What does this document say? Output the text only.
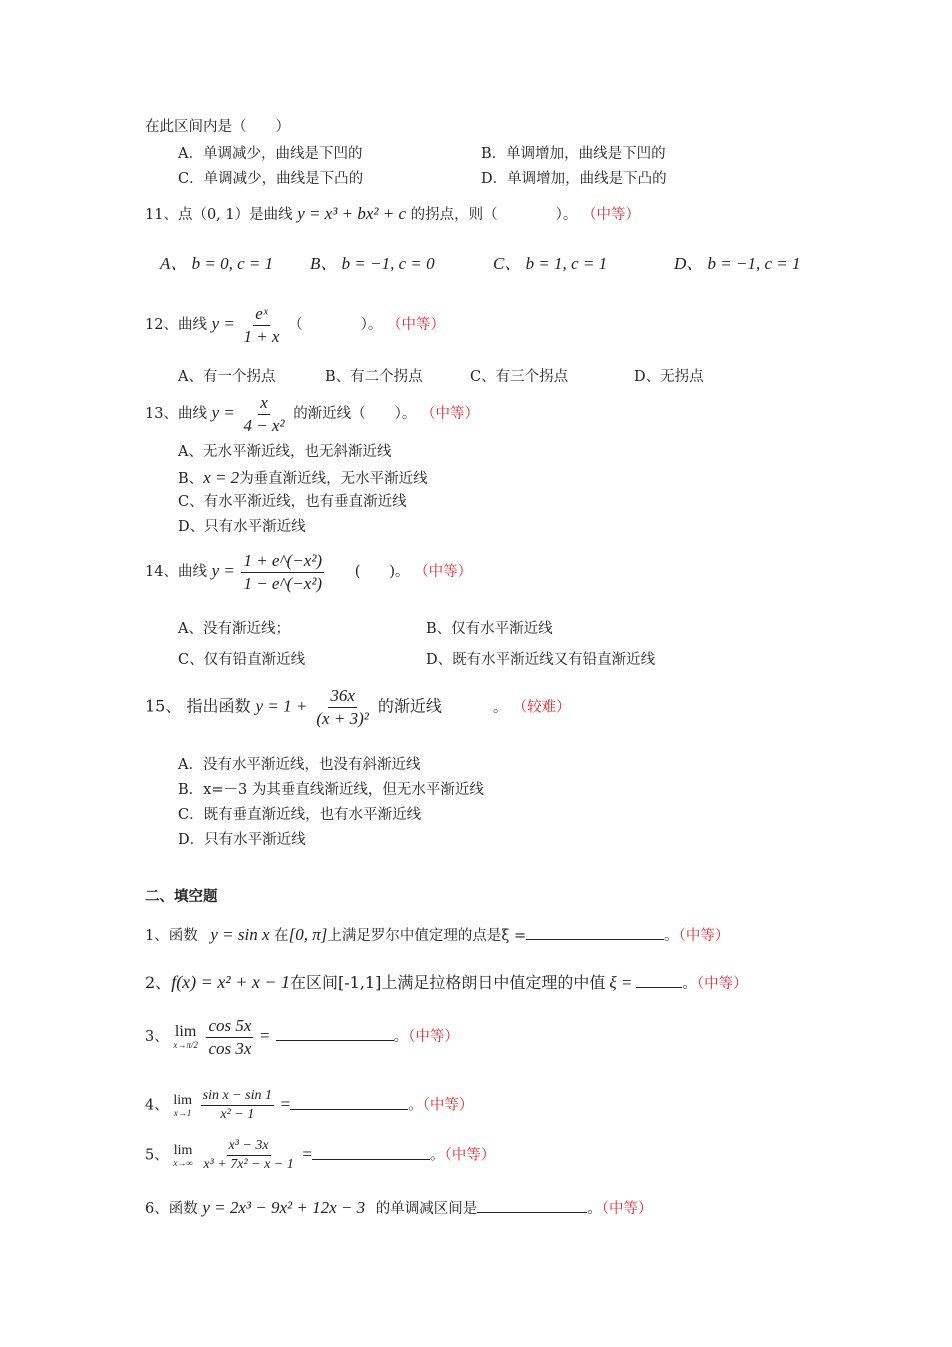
在此区间内是（　　）
A．单调减少，曲线是下凹的	B．单调增加，曲线是下凹的
C．单调减少，曲线是下凸的	D．单调增加，曲线是下凸的
11、点（0, 1）是曲线 y = x³ + bx² + c 的拐点，则（　　　　）。 （中等）
A、 b = 0, c = 1 B、 b = −1, c = 0	C、 b = 1, c = 1	D、 b = −1, c = 1
12、曲线 $y = \frac{\text{eˣ}}{1 + x}$ （　　　　）。 （中等）
A、有一个拐点	B、有二个拐点	C、有三个拐点	D、无拐点
13、曲线 $y = \frac{x}{\text{4 − x²}}$ 的渐近线（　　）。 （中等）
A、无水平渐近线，也无斜渐近线
B、x = 2为垂直渐近线，无水平渐近线
C、有水平渐近线，也有垂直渐近线
D、只有水平渐近线
14、曲线 $y = \frac{\text{1 + e\textasciicircum{}(−x²)}}{\text{1 − e\textasciicircum{}(−x²)}}$ (　　)。 （中等）
A、没有渐近线；	B、仅有水平渐近线
C、仅有铅直渐近线	D、既有水平渐近线又有铅直渐近线
15、 指出函数 $y = 1 + \frac{36x}{\text{(x + 3)²}}$ 的渐近线	。 （较难）
A．没有水平渐近线，也没有斜渐近线
B．x=－3 为其垂直线渐近线，但无水平渐近线
C．既有垂直渐近线，也有水平渐近线
D．只有水平渐近线
二、填空题
1、函数 y = sin x 在[0, π]上满足罗尔中值定理的点是ξ =	。（中等）
2、f(x) = x² + x − 1在区间[-1,1]上满足拉格朗日中值定理的中值 ξ =	。（中等）
3、 lim
x→π/2
$\frac{\cos 5x}{\cos 3x}$ =	。（中等）
4、 lim
x→1
$\frac{\text{sin x − sin 1}}{\text{x² − 1}}$ =	。（中等）
5、 lim
x→∞
$\frac{\text{x³ − 3x}}{\text{x³ + 7x² − x − 1}}$ =	。（中等）
6、函数 y = 2x³ − 9x² + 12x − 3 的单调减区间是	。（中等）
